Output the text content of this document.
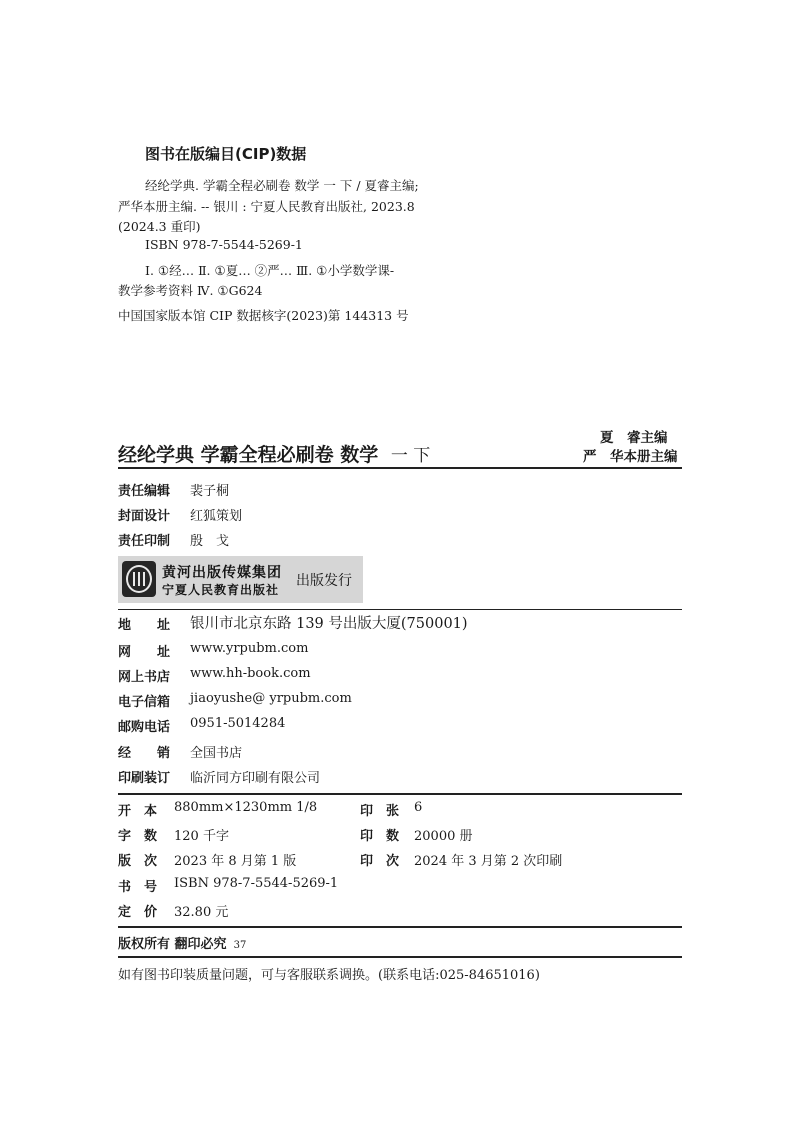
图书在版编目(CIP)数据
经纶学典. 学霸全程必刷卷 数学 一 下 / 夏睿主编;
严华本册主编. -- 银川 : 宁夏人民教育出版社, 2023.8
(2024.3 重印)
ISBN 978-7-5544-5269-1
Ⅰ. ①经… Ⅱ. ①夏… ②严… Ⅲ. ①小学数学课-
教学参考资料 Ⅳ. ①G624
中国国家版本馆 CIP 数据核字(2023)第 144313 号
经纶学典 学霸全程必刷卷 数学 一 下
夏　睿主编
严　华本册主编
责任编辑 裴子桐
封面设计 红狐策划
责任印制 殷　戈
黄河出版传媒集团
宁夏人民教育出版社
出版发行
地　　址 银川市北京东路 139 号出版大厦(750001)
网　　址 www.yrpubm.com
网上书店 www.hh-book.com
电子信箱 jiaoyushe@ yrpubm.com
邮购电话 0951-5014284
经　　销 全国书店
印刷装订 临沂同方印刷有限公司
开　本 880mm×1230mm 1/8	印　张 6
字　数 120 千字	印　数 20000 册
版　次 2023 年 8 月第 1 版	印　次 2024 年 3 月第 2 次印刷
书　号 ISBN 978-7-5544-5269-1
定　价 32.80 元
版权所有 翻印必究 37
如有图书印装质量问题，可与客服联系调换。(联系电话:025-84651016)
